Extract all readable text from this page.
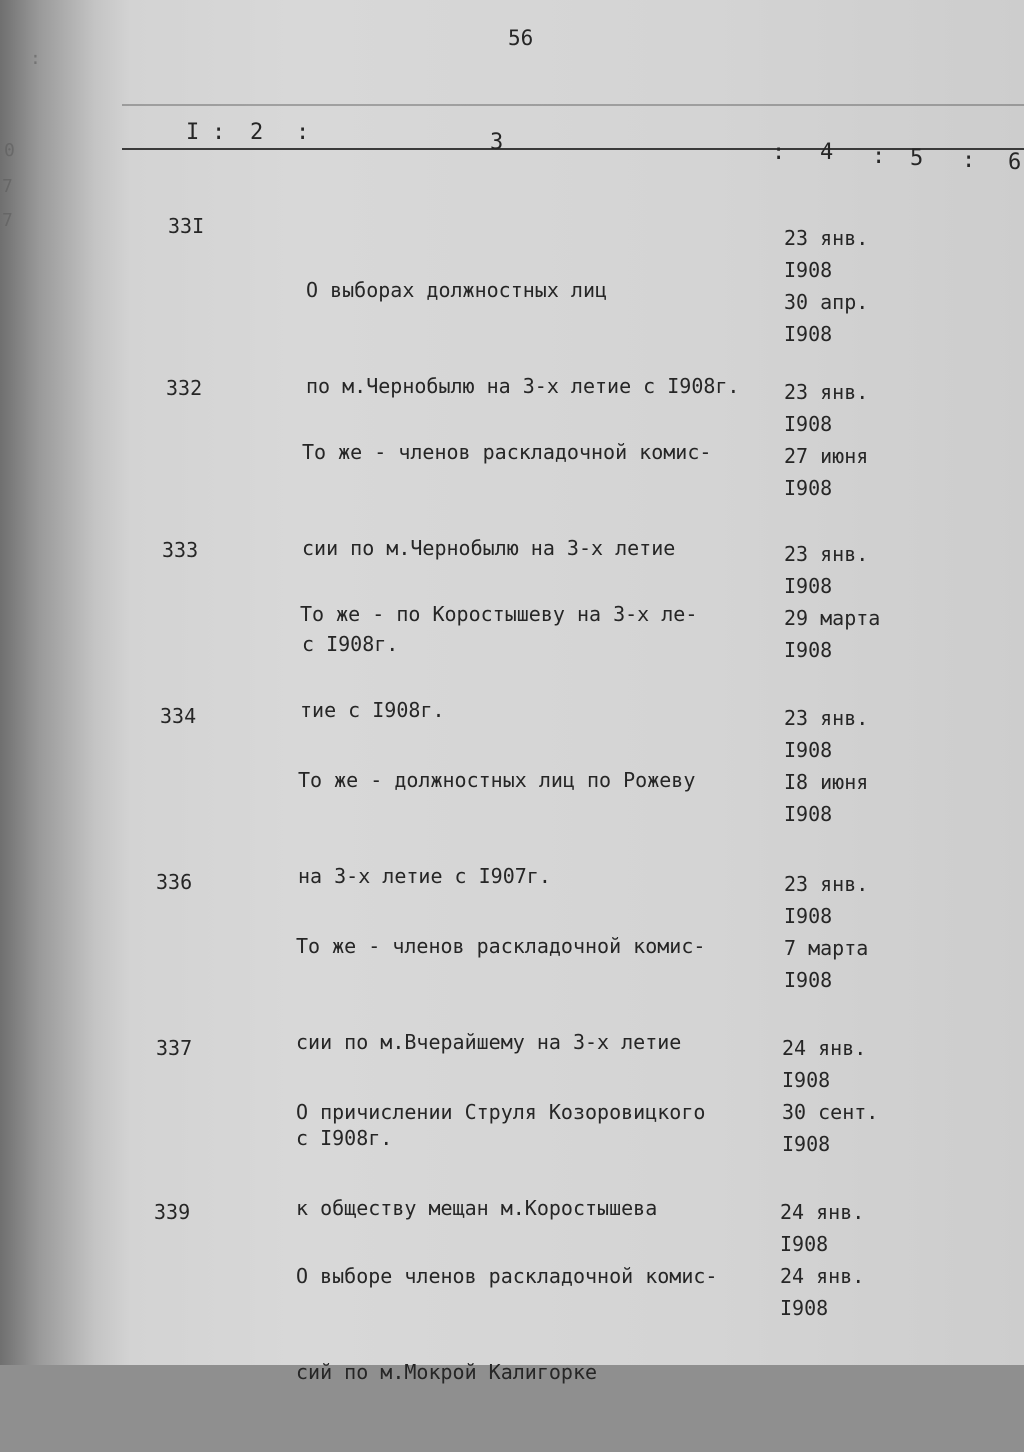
:
0
7
7
56
I : 2 :	3	: 4 : 5 : 6
33I

О выборах должностных лиц

по м.Чернобылю на 3-х летие с I908г.

23 янв.
I908
30 апр.
I908
332

То же - членов раскладочной комис-

сии по м.Чернобылю на 3-х летие

с I908г.

23 янв.
I908
27 июня
I908
333

То же - по Коростышеву на 3-х ле-

тие с I908г.

23 янв.
I908
29 марта
I908
334

То же - должностных лиц по Рожеву

на 3-х летие с I907г.

23 янв.
I908
I8 июня
I908
336

То же - членов раскладочной комис-

сии по м.Вчерайшему на 3-х летие

с I908г.

23 янв.
I908
7 марта
I908
337

О причислении Струля Козоровицкого

к обществу мещан м.Коростышева

24 янв.
I908
30 сент.
I908
339

О выборе членов раскладочной комис-

сий по м.Мокрой Калигорке

24 янв.
I908
24 янв.
I908
